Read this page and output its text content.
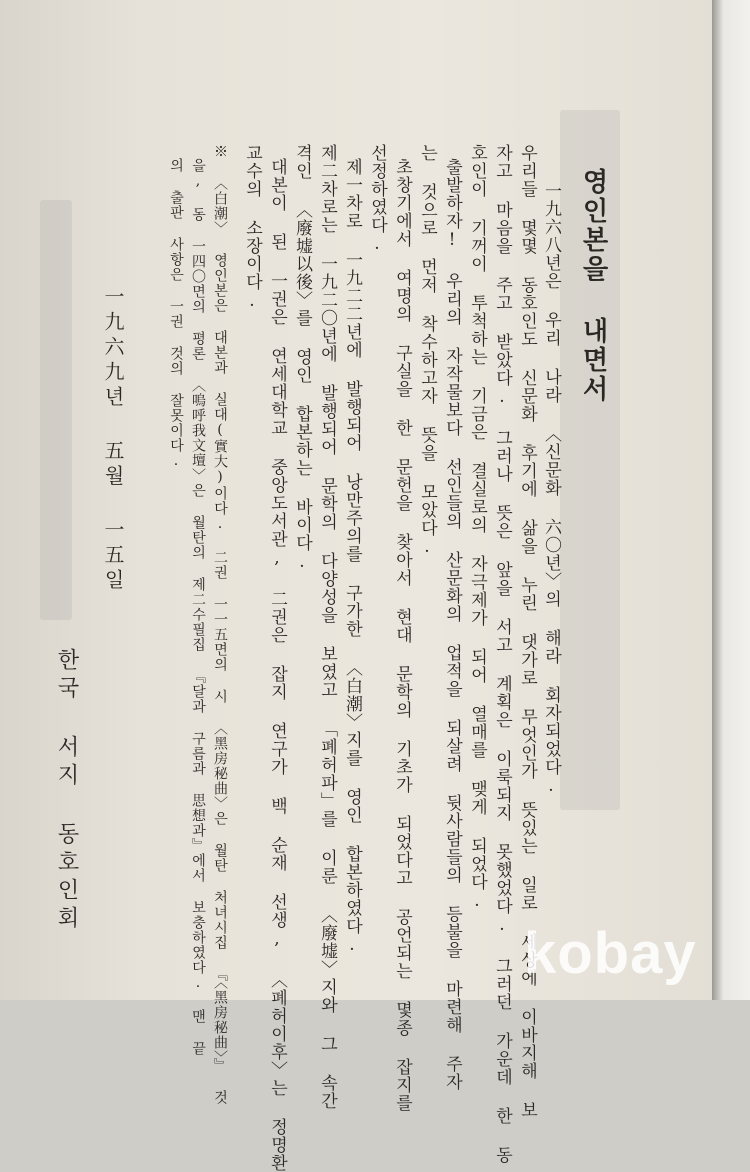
영인본을 내면서
一九六八년은 우리 나라 〈신문화 六〇년〉의 해라 회자되었다.
우리들 몇몇 동호인도 신문화 후기에 삶을 누린 댓가로 무엇인가 뜻있는 일로 세상에 이바지해 보
자고 마음을 주고 받았다. 그러나 뜻은 앞을 서고 계획은 이룩되지 못했었다. 그러던 가운데 한 동
호인이 기꺼이 투척하는 기금은 결실로의 자극제가 되어 열매를 맺게 되었다.
출발하자! 우리의 자작물보다 선인들의 산문화의 업적을 되살려 뒷사람들의 등불을 마련해 주자
는 것으로 먼저 착수하고자 뜻을 모았다.
초창기에서 여명의 구실을 한 문헌을 찾아서 현대 문학의 기초가 되었다고 공언되는 몇종 잡지를
선정하였다.
제一차로 一九二二년에 발행되어 낭만주의를 구가한 〈白潮〉지를 영인 합본하였다.
제二차로는 一九二〇년에 발행되어 문학의 다양성을 보였고 「폐허파」를 이룬 〈廢墟〉지와 그 속간
격인 〈廢墟以後〉를 영인 합본하는 바이다.
대본이 된 一권은 연세대학교 중앙도서관, 二권은 잡지 연구가 백 순재 선생, 〈폐허이후〉는 정명환
교수의 소장이다.
※ 〈白潮〉 영인본은 대본과 실대(實大)이다. 二권 一一五면의 시 〈黑房秘曲〉은 월탄 처녀시집 『〈黑房秘曲〉』 것
을, 동 一四〇면의 평론 〈嗚呼我文壇〉은 월탄의 제二수필집 『달과 구름과 思想과』에서 보충하였다. 맨 끝
의 출판 사항은 一권 것의 잘못이다.
一九六九년 五월 一五일
한국 서지 동호인회
kobay
